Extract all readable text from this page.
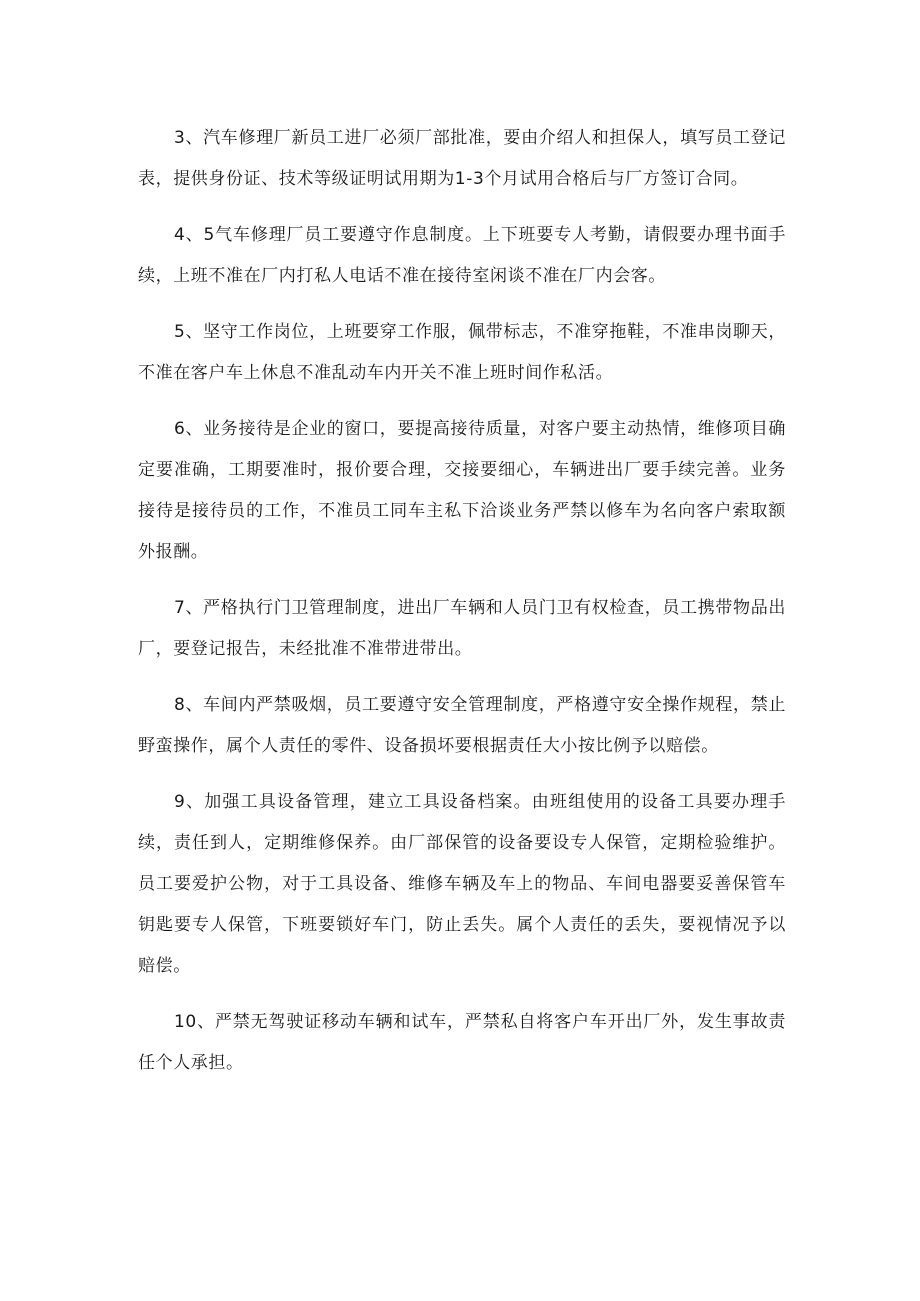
3、汽车修理厂新员工进厂必须厂部批准，要由介绍人和担保人，填写员工登记表，提供身份证、技术等级证明试用期为1-3个月试用合格后与厂方签订合同。

4、5气车修理厂员工要遵守作息制度。上下班要专人考勤，请假要办理书面手续，上班不准在厂内打私人电话不准在接待室闲谈不准在厂内会客。

5、坚守工作岗位，上班要穿工作服，佩带标志，不准穿拖鞋，不准串岗聊天，不准在客户车上休息不准乱动车内开关不准上班时间作私活。

6、业务接待是企业的窗口，要提高接待质量，对客户要主动热情，维修项目确定要准确，工期要准时，报价要合理，交接要细心，车辆进出厂要手续完善。业务接待是接待员的工作，不准员工同车主私下洽谈业务严禁以修车为名向客户索取额外报酬。

7、严格执行门卫管理制度，进出厂车辆和人员门卫有权检查，员工携带物品出厂，要登记报告，未经批准不准带进带出。

8、车间内严禁吸烟，员工要遵守安全管理制度，严格遵守安全操作规程，禁止野蛮操作，属个人责任的零件、设备损坏要根据责任大小按比例予以赔偿。

9、加强工具设备管理，建立工具设备档案。由班组使用的设备工具要办理手续，责任到人，定期维修保养。由厂部保管的设备要设专人保管，定期检验维护。员工要爱护公物，对于工具设备、维修车辆及车上的物品、车间电器要妥善保管车钥匙要专人保管，下班要锁好车门，防止丢失。属个人责任的丢失，要视情况予以赔偿。

10、严禁无驾驶证移动车辆和试车，严禁私自将客户车开出厂外，发生事故责任个人承担。
